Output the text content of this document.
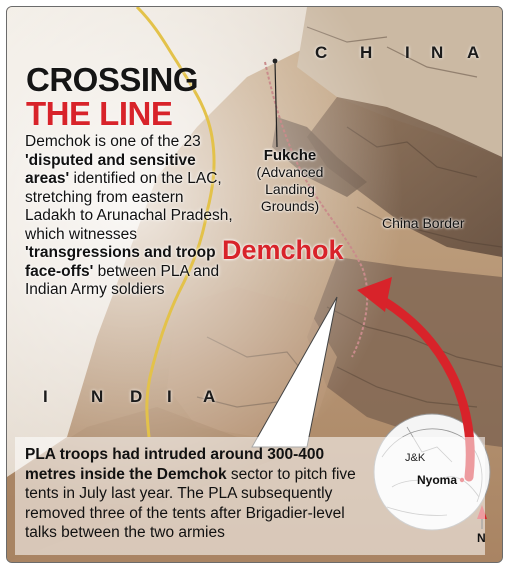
C H I N A
I	N D I A
CROSSING
THE LINE

Demchok is one of the 23 'disputed and sensitive areas' identified on the LAC, stretching from eastern Ladakh to Arunachal Pradesh, which witnesses 'transgressions and troop face-offs' between PLA and Indian Army soldiers

Fukche
(Advanced Landing Grounds)
Demchok
China Border

PLA troops had intruded around 300-400 metres inside the Demchok sector to pitch five tents in July last year. The PLA subsequently removed three of the tents after Brigadier-level talks between the two armies

J&K
Nyoma
N
